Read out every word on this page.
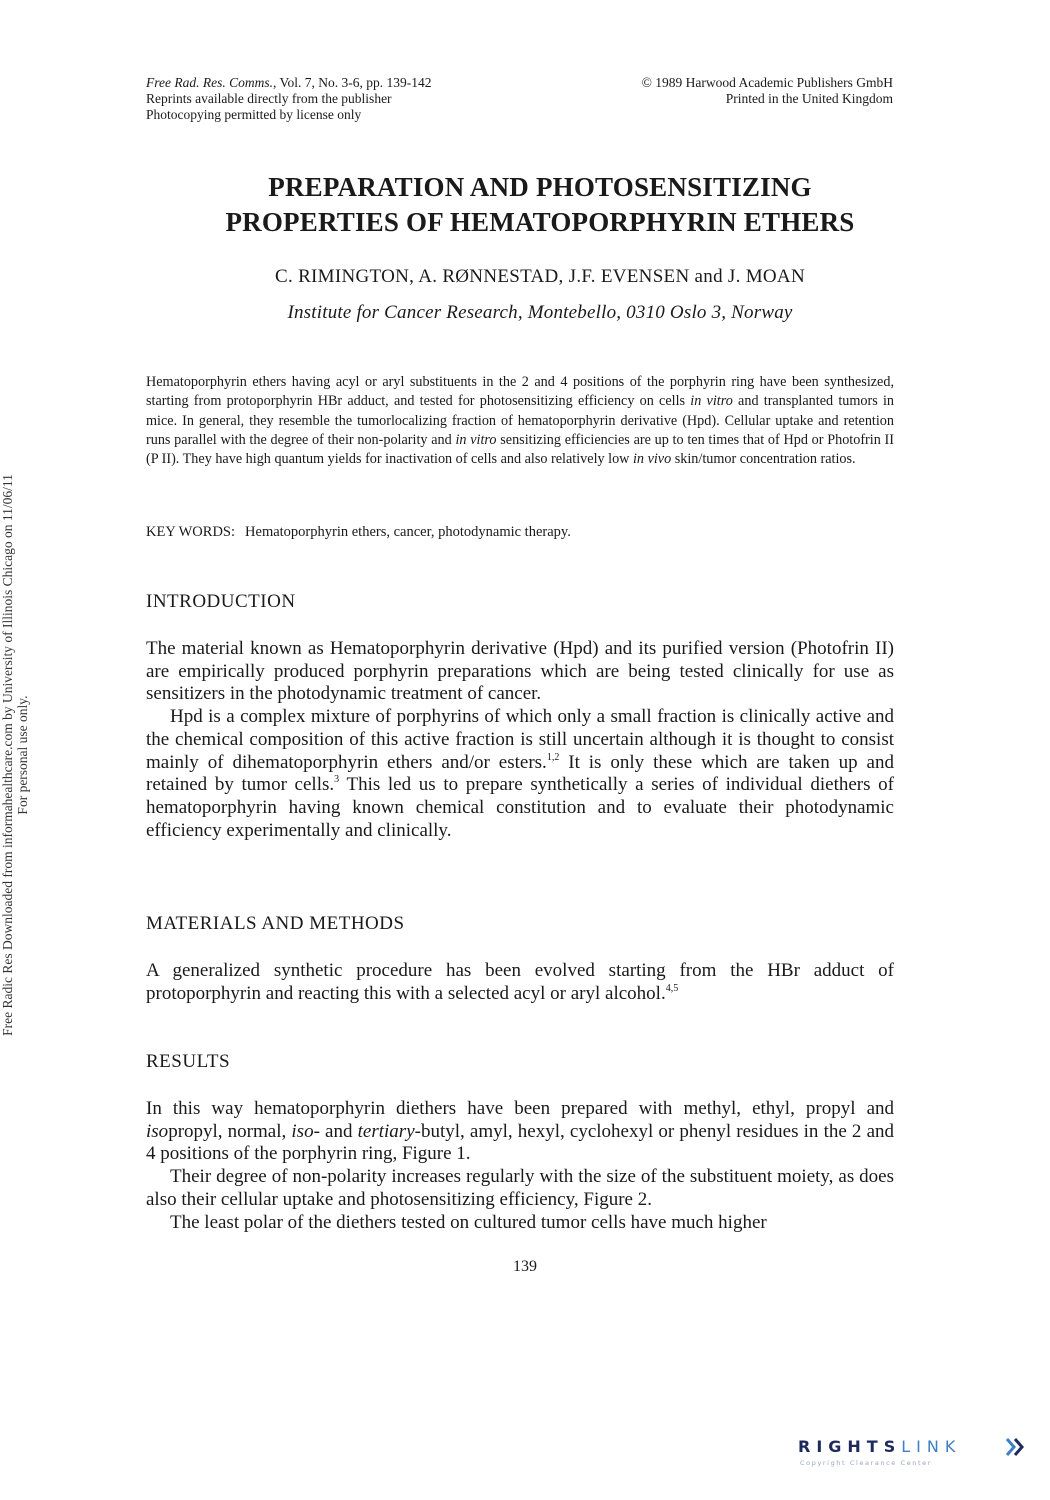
Free Rad. Res. Comms., Vol. 7, No. 3-6, pp. 139-142
Reprints available directly from the publisher
Photocopying permitted by license only
© 1989 Harwood Academic Publishers GmbH
Printed in the United Kingdom
PREPARATION AND PHOTOSENSITIZING
PROPERTIES OF HEMATOPORPHYRIN ETHERS
C. RIMINGTON, A. RØNNESTAD, J.F. EVENSEN and J. MOAN
Institute for Cancer Research, Montebello, 0310 Oslo 3, Norway
Hematoporphyrin ethers having acyl or aryl substituents in the 2 and 4 positions of the porphyrin ring have been synthesized, starting from protoporphyrin HBr adduct, and tested for photosensitizing efficiency on cells in vitro and transplanted tumors in mice. In general, they resemble the tumorlocalizing fraction of hematoporphyrin derivative (Hpd). Cellular uptake and retention runs parallel with the degree of their non-polarity and in vitro sensitizing efficiencies are up to ten times that of Hpd or Photofrin II (P II). They have high quantum yields for inactivation of cells and also relatively low in vivo skin/tumor concentration ratios.
KEY WORDS: Hematoporphyrin ethers, cancer, photodynamic therapy.
INTRODUCTION

The material known as Hematoporphyrin derivative (Hpd) and its purified version (Photofrin II) are empirically produced porphyrin preparations which are being tested clinically for use as sensitizers in the photodynamic treatment of cancer.

Hpd is a complex mixture of porphyrins of which only a small fraction is clinically active and the chemical composition of this active fraction is still uncertain although it is thought to consist mainly of dihematoporphyrin ethers and/or esters.$^{1,2}$ It is only these which are taken up and retained by tumor cells.$^3$ This led us to prepare synthetically a series of individual diethers of hematoporphyrin having known chemical constitution and to evaluate their photodynamic efficiency experimentally and clinically.

MATERIALS AND METHODS

A generalized synthetic procedure has been evolved starting from the HBr adduct of protoporphyrin and reacting this with a selected acyl or aryl alcohol.$^{4,5}$

RESULTS

In this way hematoporphyrin diethers have been prepared with methyl, ethyl, propyl and isopropyl, normal, iso- and tertiary-butyl, amyl, hexyl, cyclohexyl or phenyl residues in the 2 and 4 positions of the porphyrin ring, Figure 1.

Their degree of non-polarity increases regularly with the size of the substituent moiety, as does also their cellular uptake and photosensitizing efficiency, Figure 2.

The least polar of the diethers tested on cultured tumor cells have much higher

139
Free Radic Res Downloaded from informahealthcare.com by University of Illinois Chicago on 11/06/11 For personal use only.
RIGHTSLINK
Copyright Clearance Center
